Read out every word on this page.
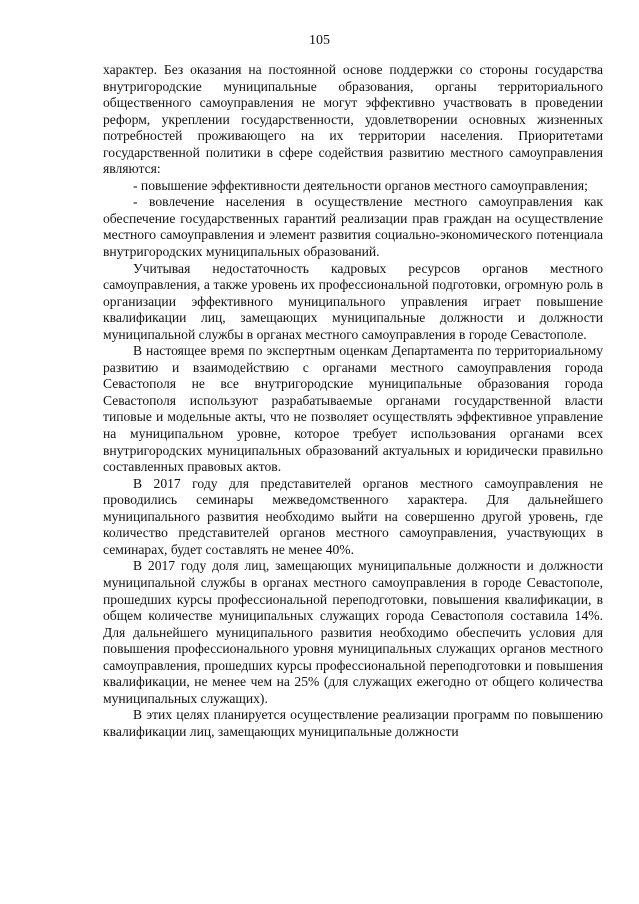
105

характер. Без оказания на постоянной основе поддержки со стороны государства внутригородские муниципальные образования, органы территориального общественного самоуправления не могут эффективно участвовать в проведении реформ, укреплении государственности, удовлетворении основных жизненных потребностей проживающего на их территории населения. Приоритетами государственной политики в сфере содействия развитию местного самоуправления являются:

- повышение эффективности деятельности органов местного самоуправления;

- вовлечение населения в осуществление местного самоуправления как обеспечение государственных гарантий реализации прав граждан на осуществление местного самоуправления и элемент развития социально-экономического потенциала внутригородских муниципальных образований.

Учитывая недостаточность кадровых ресурсов органов местного самоуправления, а также уровень их профессиональной подготовки, огромную роль в организации эффективного муниципального управления играет повышение квалификации лиц, замещающих муниципальные должности и должности муниципальной службы в органах местного самоуправления в городе Севастополе.

В настоящее время по экспертным оценкам Департамента по территориальному развитию и взаимодействию с органами местного самоуправления города Севастополя не все внутригородские муниципальные образования города Севастополя используют разрабатываемые органами государственной власти типовые и модельные акты, что не позволяет осуществлять эффективное управление на муниципальном уровне, которое требует использования органами всех внутригородских муниципальных образований актуальных и юридически правильно составленных правовых актов.

В 2017 году для представителей органов местного самоуправления не проводились семинары межведомственного характера. Для дальнейшего муниципального развития необходимо выйти на совершенно другой уровень, где количество представителей органов местного самоуправления, участвующих в семинарах, будет составлять не менее 40%.

В 2017 году доля лиц, замещающих муниципальные должности и должности муниципальной службы в органах местного самоуправления в городе Севастополе, прошедших курсы профессиональной переподготовки, повышения квалификации, в общем количестве муниципальных служащих города Севастополя составила 14%. Для дальнейшего муниципального развития необходимо обеспечить условия для повышения профессионального уровня муниципальных служащих органов местного самоуправления, прошедших курсы профессиональной переподготовки и повышения квалификации, не менее чем на 25% (для служащих ежегодно от общего количества муниципальных служащих).

В этих целях планируется осуществление реализации программ по повышению квалификации лиц, замещающих муниципальные должности
